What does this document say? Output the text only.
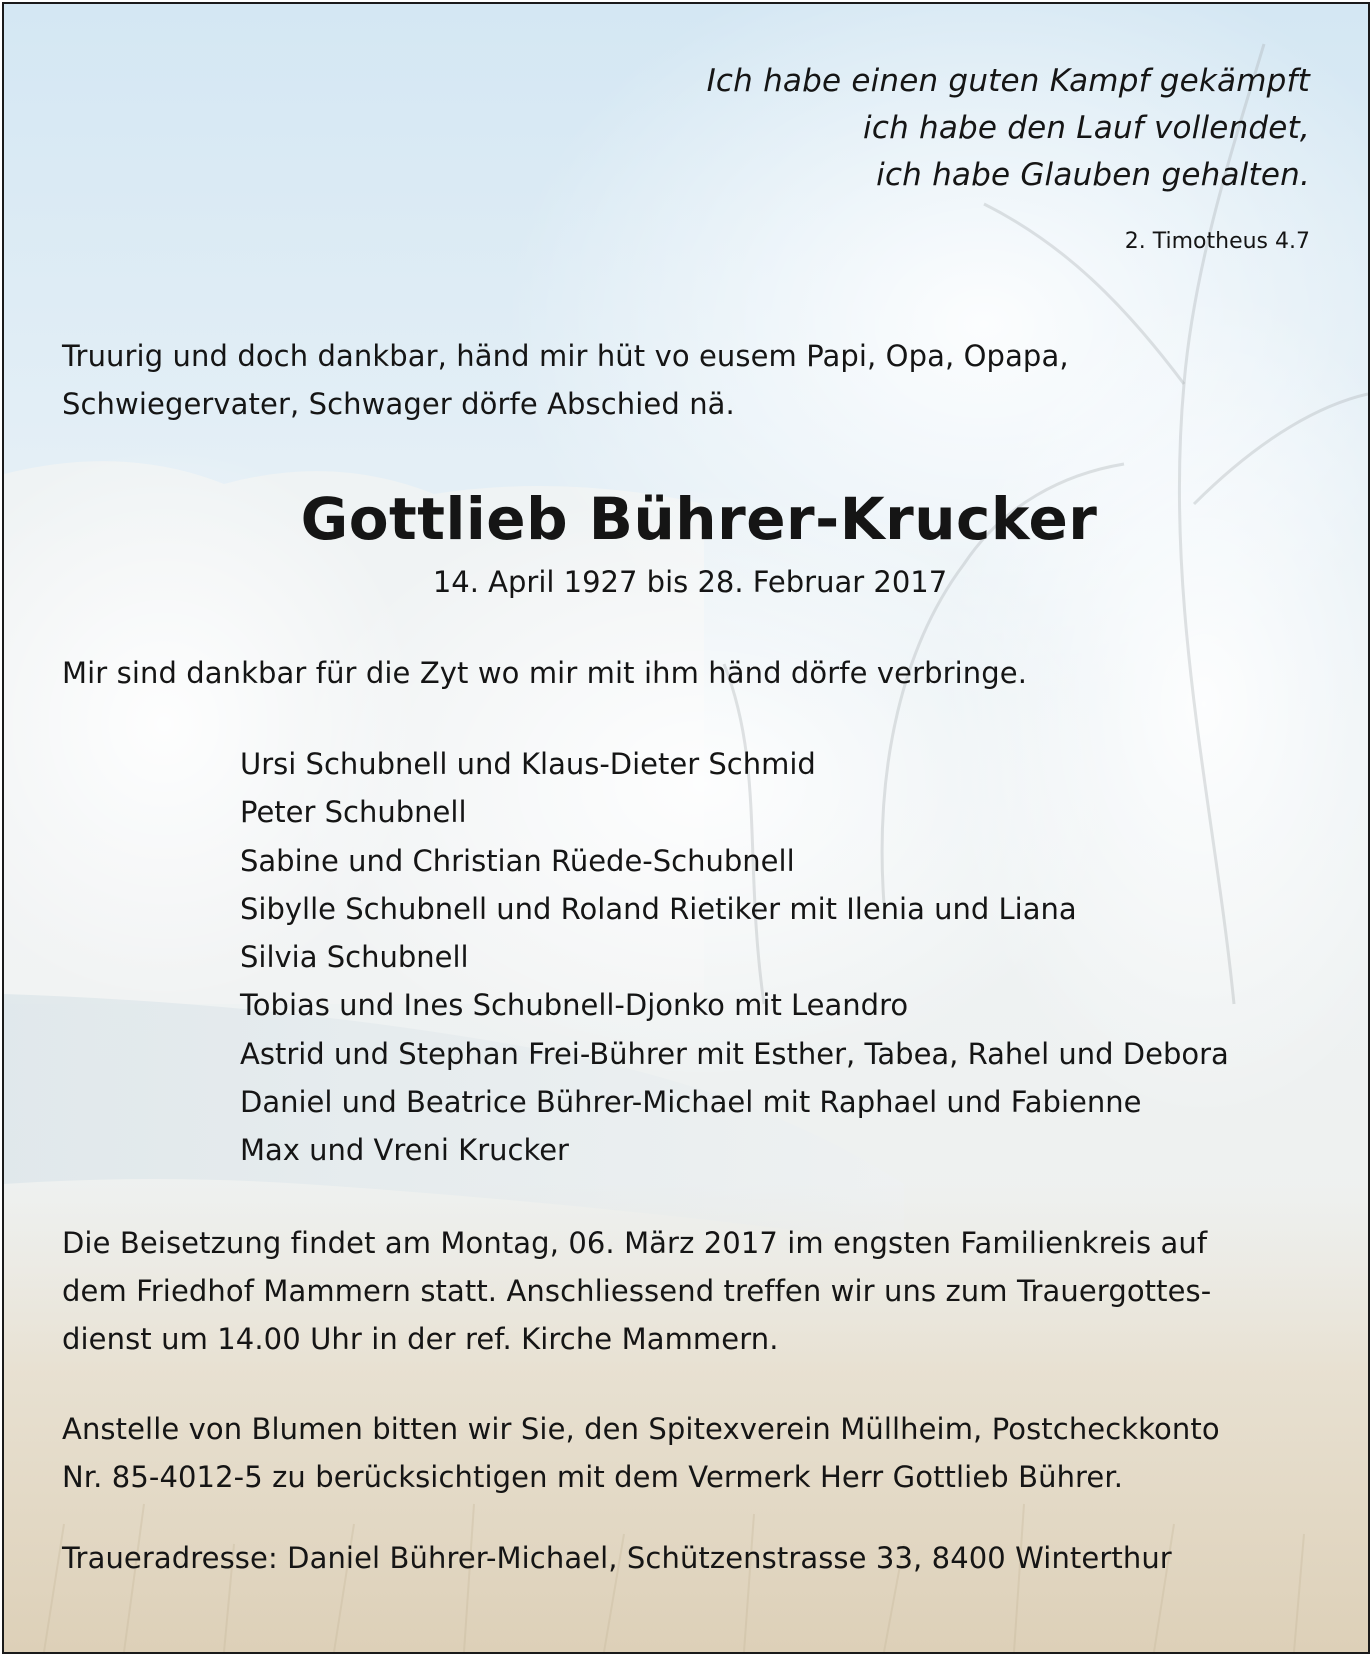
Ich habe einen guten Kampf gekämpft
ich habe den Lauf vollendet,
ich habe Glauben gehalten.
2. Timotheus 4.7
Truurig und doch dankbar, händ mir hüt vo eusem Papi, Opa, Opapa,
Schwiegervater, Schwager dörfe Abschied nä.
Gottlieb Bührer-Krucker
14. April 1927 bis 28. Februar 2017
Mir sind dankbar für die Zyt wo mir mit ihm händ dörfe verbringe.
Ursi Schubnell und Klaus-Dieter Schmid
Peter Schubnell
Sabine und Christian Rüede-Schubnell
Sibylle Schubnell und Roland Rietiker mit Ilenia und Liana
Silvia Schubnell
Tobias und Ines Schubnell-Djonko mit Leandro
Astrid und Stephan Frei-Bührer mit Esther, Tabea, Rahel und Debora
Daniel und Beatrice Bührer-Michael mit Raphael und Fabienne
Max und Vreni Krucker
Die Beisetzung findet am Montag, 06. März 2017 im engsten Familienkreis auf
dem Friedhof Mammern statt. Anschliessend treffen wir uns zum Trauergottes-
dienst um 14.00 Uhr in der ref. Kirche Mammern.
Anstelle von Blumen bitten wir Sie, den Spitexverein Müllheim, Postcheckkonto
Nr. 85-4012-5 zu berücksichtigen mit dem Vermerk Herr Gottlieb Bührer.
Traueradresse: Daniel Bührer-Michael, Schützenstrasse 33, 8400 Winterthur
